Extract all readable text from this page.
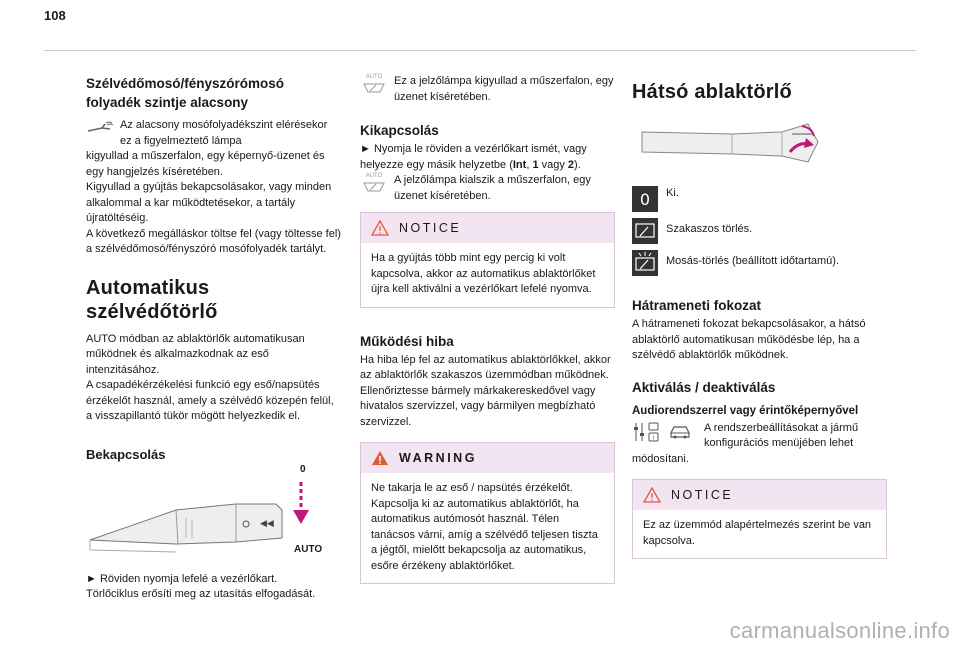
108
Szélvédőmosó/fényszórómosó folyadék szintje alacsony

Az alacsony mosófolyadékszint elérésekor ez a figyelmeztető lámpa

kigyullad a műszerfalon, egy képernyő-üzenet és egy hangjelzés kíséretében.

Kigyullad a gyújtás bekapcsolásakor, vagy minden alkalommal a kar működtetésekor, a tartály újratöltéséig.

A következő megálláskor töltse fel (vagy töltesse fel) a szélvédőmosó/fényszóró mosófolyadék tartályt.

Automatikus szélvédőtörlő

AUTO módban az ablaktörlők automatikusan működnek és alkalmazkodnak az eső intenzitásához.

A csapadékérzékelési funkció egy eső/napsütés érzékelőt használ, amely a szélvédő közepén felül, a visszapillantó tükör mögött helyezkedik el.

Bekapcsolás
◀◀
0
AUTO

► Röviden nyomja lefelé a vezérlőkart.

Törlőciklus erősíti meg az utasítás elfogadását.

AUTO	Ez a jelzőlámpa kigyullad a műszerfalon, egy üzenet kíséretében.

Kikapcsolás

► Nyomja le röviden a vezérlőkart ismét, vagy helyezze egy másik helyzetbe (Int, 1 vagy 2).

AUTO	A jelzőlámpa kialszik a műszerfalon, egy üzenet kíséretében.

NOTICE

Ha a gyújtás több mint egy percig ki volt kapcsolva, akkor az automatikus ablaktörlőket újra kell aktiválni a vezérlőkart lefelé nyomva.

Működési hiba

Ha hiba lép fel az automatikus ablaktörlőkkel, akkor az ablaktörlők szakaszos üzemmódban működnek.

Ellenőriztesse bármely márkakereskedővel vagy hivatalos szervizzel, vagy bármilyen megbízható szervizzel.

WARNING

Ne takarja le az eső / napsütés érzékelőt. Kapcsolja ki az automatikus ablaktörlőt, ha automatikus autómosót használ. Télen tanácsos várni, amíg a szélvédő teljesen tiszta a jégtől, mielőtt bekapcsolja az automatikus, esőre érzékeny ablaktörlőket.

Hátsó ablaktörlő
0 Ki.

Szakaszos törlés.

Mosás-törlés (beállított időtartamú).

Hátrameneti fokozat

A hátrameneti fokozat bekapcsolásakor, a hátsó ablaktörlő automatikusan működésbe lép, ha a szélvédő ablaktörlők működnek.

Aktiválás / deaktiválás
Audiorendszerrel vagy érintőképernyővel
i

A rendszerbeállításokat a jármű konfigurációs menüjében lehet

módosítani.

NOTICE

Ez az üzemmód alapértelmezés szerint be van kapcsolva.

carmanualsonline.info
